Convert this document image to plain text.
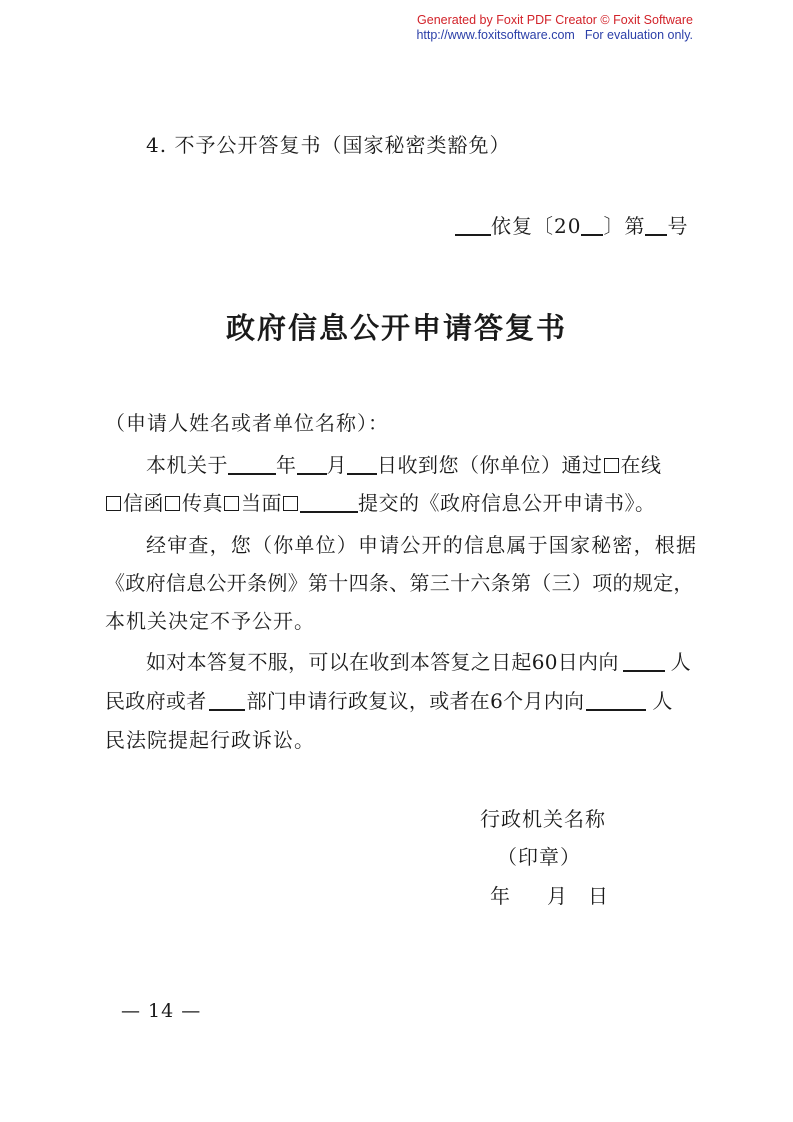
Generated by Foxit PDF Creator © Foxit Software
http://www.foxitsoftware.com For evaluation only.
4. 不予公开答复书（国家秘密类豁免）
依复〔20 〕第 号
政府信息公开申请答复书
（申请人姓名或者单位名称）：
本机关于 年 月 日收到您（你单位）通过 在线
信函 传真 当面	提交的《政府信息公开申请书》。
经审查，您（你单位）申请公开的信息属于国家秘密，根据
《政府信息公开条例》第十四条、第三十六条第（三）项的规定，
本机关决定不予公开。
如对本答复不服，可以在收到本答复之日起60日内向	人
民政府或者 部门申请行政复议，或者在6个月内向	人
民法院提起行政诉讼。
行政机关名称
（印章）
年 月 日
— 14 —
